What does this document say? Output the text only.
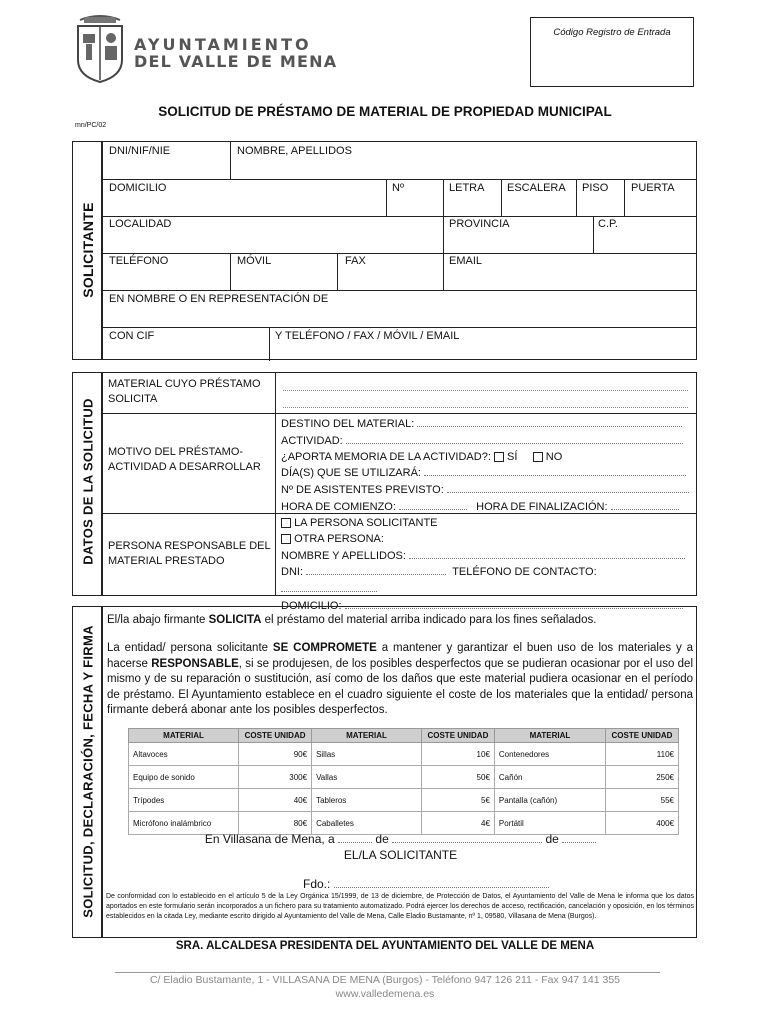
AYUNTAMIENTO
DEL VALLE DE MENA
Código Registro de Entrada
SOLICITUD DE PRÉSTAMO DE MATERIAL DE PROPIEDAD MUNICIPAL
mn/PC/02
SOLICITANTE
DNI/NIF/NIE	NOMBRE, APELLIDOS
DOMICILIO	Nº	LETRA ESCALERA PISO PUERTA
LOCALIDAD	PROVINCIA	C.P.
TELÉFONO	MÓVIL	FAX	EMAIL
EN NOMBRE O EN REPRESENTACIÓN DE
CON CIF	Y TELÉFONO / FAX / MÓVIL / EMAIL
DATOS DE LA SOLICITUD
MATERIAL CUYO PRÉSTAMO SOLICITA
MOTIVO DEL PRÉSTAMO-ACTIVIDAD A DESARROLLAR
DESTINO DEL MATERIAL:
ACTIVIDAD:
¿APORTA MEMORIA DE LA ACTIVIDAD?: SÍ	NO
DÍA(S) QUE SE UTILIZARÁ:
Nº DE ASISTENTES PREVISTO:
HORA DE COMIENZO:	HORA DE FINALIZACIÓN:
PERSONA RESPONSABLE DEL MATERIAL PRESTADO
LA PERSONA SOLICITANTE
OTRA PERSONA:
NOMBRE Y APELLIDOS:
DNI:	TELÉFONO DE CONTACTO:
DOMICILIO:
SOLICITUD, DECLARACIÓN, FECHA Y FIRMA
El/la abajo firmante SOLICITA el préstamo del material arriba indicado para los fines señalados.
La entidad/ persona solicitante SE COMPROMETE a mantener y garantizar el buen uso de los materiales y a hacerse RESPONSABLE, si se produjesen, de los posibles desperfectos que se pudieran ocasionar por el uso del mismo y de su reparación o sustitución, así como de los daños que este material pudiera ocasionar en el período de préstamo. El Ayuntamiento establece en el cuadro siguiente el coste de los materiales que la entidad/ persona firmante deberá abonar ante los posibles desperfectos.
MATERIAL	COSTE UNIDAD	MATERIAL	COSTE UNIDAD	MATERIAL	COSTE UNIDAD
Altavoces	90€	Sillas	10€	Contenedores	110€
Equipo de sonido	300€	Vallas	50€	Cañón	250€
Trípodes	40€	Tableros	5€	Pantalla (cañón)	55€
Micrófono inalámbrico	80€	Caballetes	4€	Portátil	400€
En Villasana de Mena, a	de	de
EL/LA SOLICITANTE
Fdo.:
De conformidad con lo establecido en el artículo 5 de la Ley Orgánica 15/1999, de 13 de diciembre, de Protección de Datos, el Ayuntamiento del Valle de Mena le informa que los datos aportados en este formulario serán incorporados a un fichero para su tratamiento automatizado. Podrá ejercer los derechos de acceso, rectificación, cancelación y oposición, en los términos establecidos en la citada Ley, mediante escrito dirigido al Ayuntamiento del Valle de Mena, Calle Eladio Bustamante, nº 1, 09580, Villasana de Mena (Burgos).
SRA. ALCALDESA PRESIDENTA DEL AYUNTAMIENTO DEL VALLE DE MENA
C/ Eladio Bustamante, 1 - VILLASANA DE MENA (Burgos) - Teléfono 947 126 211 - Fax 947 141 355
www.valledemena.es
